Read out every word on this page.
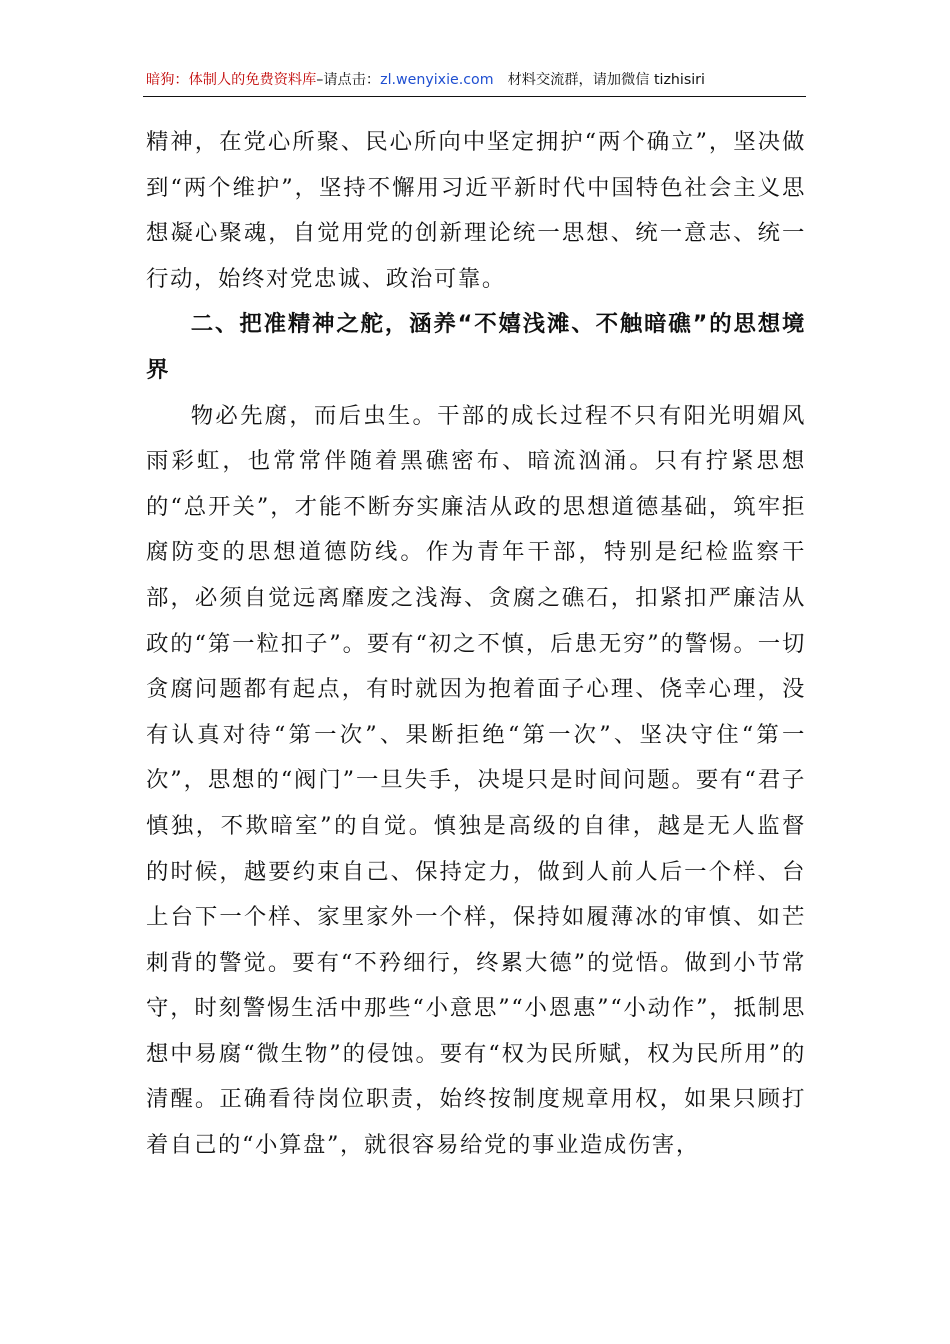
暗狗：体制人的免费资料库 –请点击： zl.wenyixie.com 材料交流群，请加微信 tizhisiri

精神，在党心所聚、民心所向中坚定拥护“两个确立”，坚决做到“两个维护”，坚持不懈用习近平新时代中国特色社会主义思想凝心聚魂，自觉用党的创新理论统一思想、统一意志、统一行动，始终对党忠诚、政治可靠。

二、把准精神之舵，涵养“不嬉浅滩、不触暗礁”的思想境界

物必先腐，而后虫生。干部的成长过程不只有阳光明媚风雨彩虹，也常常伴随着黑礁密布、暗流汹涌。只有拧紧思想的“总开关”，才能不断夯实廉洁从政的思想道德基础，筑牢拒腐防变的思想道德防线。作为青年干部，特别是纪检监察干部，必须自觉远离靡废之浅海、贪腐之礁石，扣紧扣严廉洁从政的“第一粒扣子”。要有“初之不慎，后患无穷”的警惕。一切贪腐问题都有起点，有时就因为抱着面子心理、侥幸心理，没有认真对待“第一次”、果断拒绝“第一次”、坚决守住“第一次”，思想的“阀门”一旦失手，决堤只是时间问题。要有“君子慎独，不欺暗室”的自觉。慎独是高级的自律，越是无人监督的时候，越要约束自己、保持定力，做到人前人后一个样、台上台下一个样、家里家外一个样，保持如履薄冰的审慎、如芒刺背的警觉。要有“不矜细行，终累大德”的觉悟。做到小节常守，时刻警惕生活中那些“小意思”“小恩惠”“小动作”，抵制思想中易腐“微生物”的侵蚀。要有“权为民所赋，权为民所用”的清醒。正确看待岗位职责，始终按制度规章用权，如果只顾打着自己的“小算盘”，就很容易给党的事业造成伤害，
